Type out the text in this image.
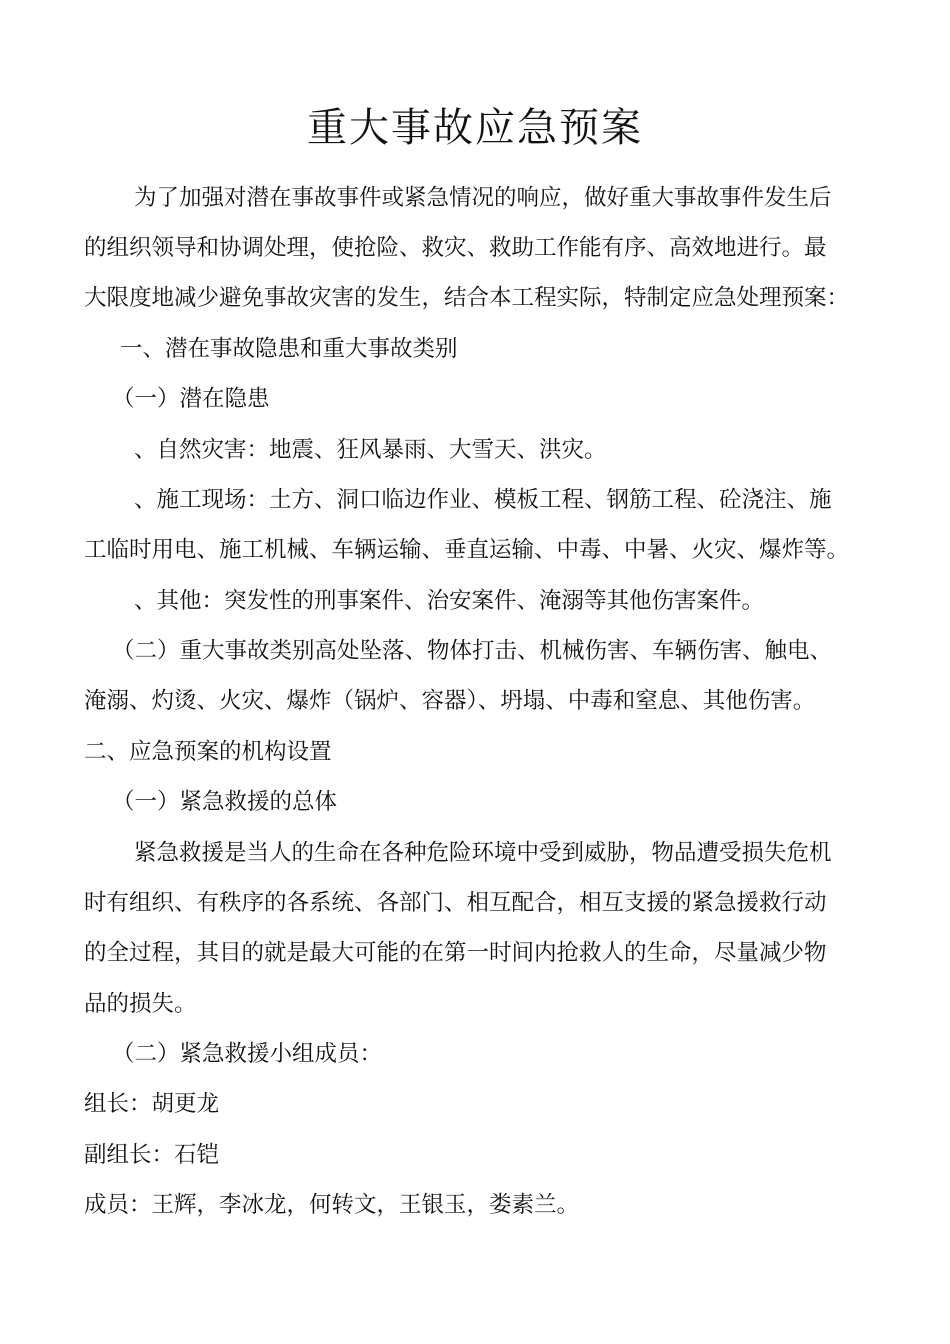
重大事故应急预案

为了加强对潜在事故事件或紧急情况的响应，做好重大事故事件发生后

的组织领导和协调处理，使抢险、救灾、救助工作能有序、高效地进行。最

大限度地减少避免事故灾害的发生，结合本工程实际，特制定应急处理预案：

一、潜在事故隐患和重大事故类别

（一）潜在隐患

、自然灾害：地震、狂风暴雨、大雪天、洪灾。

、施工现场：土方、洞口临边作业、模板工程、钢筋工程、砼浇注、施

工临时用电、施工机械、车辆运输、垂直运输、中毒、中暑、火灾、爆炸等。

、其他：突发性的刑事案件、治安案件、淹溺等其他伤害案件。

（二）重大事故类别高处坠落、物体打击、机械伤害、车辆伤害、触电、

淹溺、灼烫、火灾、爆炸（锅炉、容器）、坍塌、中毒和窒息、其他伤害。

二、应急预案的机构设置

（一）紧急救援的总体

紧急救援是当人的生命在各种危险环境中受到威胁，物品遭受损失危机

时有组织、有秩序的各系统、各部门、相互配合，相互支援的紧急援救行动

的全过程，其目的就是最大可能的在第一时间内抢救人的生命，尽量减少物

品的损失。

（二）紧急救援小组成员：

组长：胡更龙

副组长：石铠

成员：王辉，李冰龙，何转文，王银玉，娄素兰。
